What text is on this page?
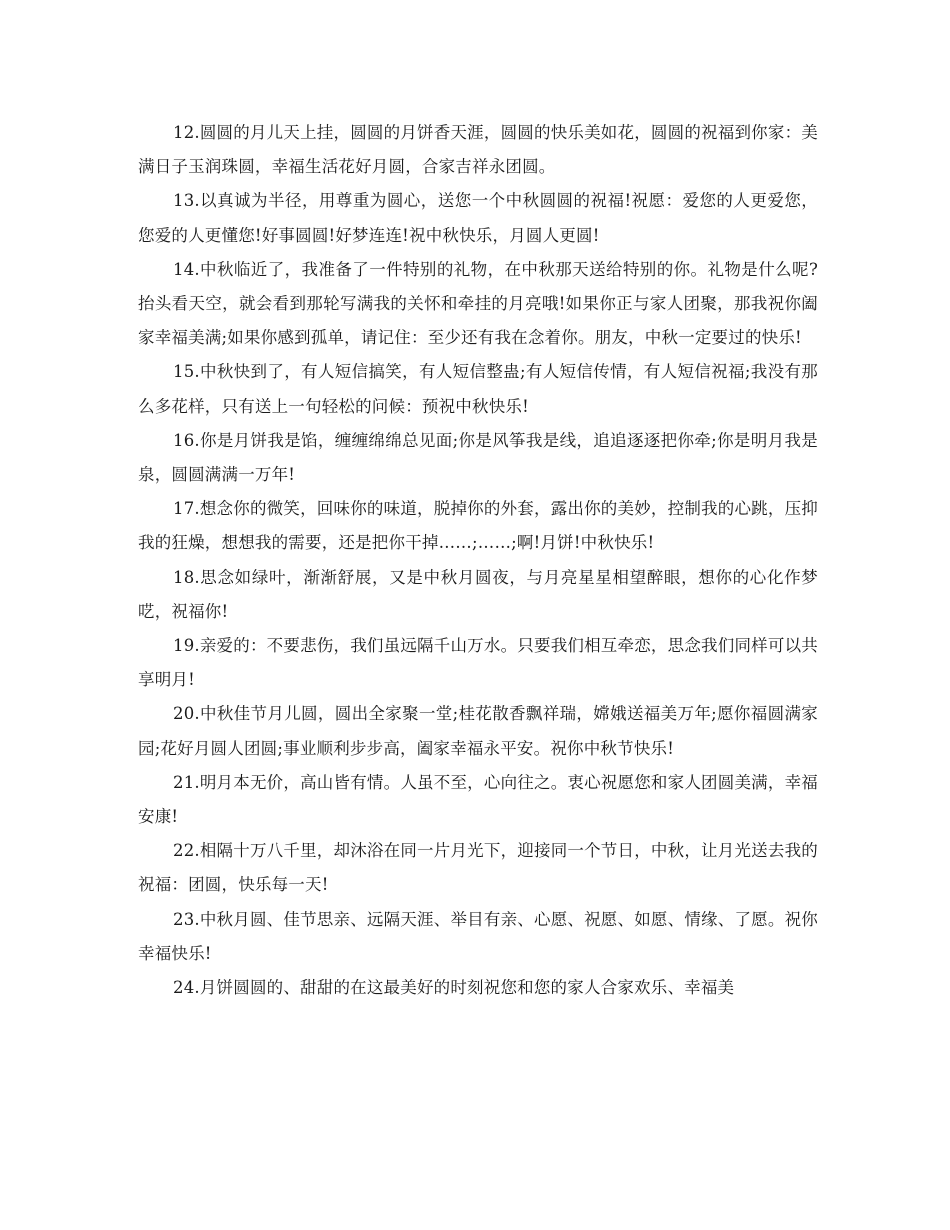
12.圆圆的月儿天上挂，圆圆的月饼香天涯，圆圆的快乐美如花，圆圆的祝福到你家：美满日子玉润珠圆，幸福生活花好月圆，合家吉祥永团圆。

13.以真诚为半径，用尊重为圆心，送您一个中秋圆圆的祝福!祝愿：爱您的人更爱您，您爱的人更懂您!好事圆圆!好梦连连!祝中秋快乐，月圆人更圆!

14.中秋临近了，我准备了一件特别的礼物，在中秋那天送给特别的你。礼物是什么呢?抬头看天空，就会看到那轮写满我的关怀和牵挂的月亮哦!如果你正与家人团聚，那我祝你阖家幸福美满;如果你感到孤单，请记住：至少还有我在念着你。朋友，中秋一定要过的快乐!

15.中秋快到了，有人短信搞笑，有人短信整蛊;有人短信传情，有人短信祝福;我没有那么多花样，只有送上一句轻松的问候：预祝中秋快乐!

16.你是月饼我是馅，缠缠绵绵总见面;你是风筝我是线，追追逐逐把你牵;你是明月我是泉，圆圆满满一万年!

17.想念你的微笑，回味你的味道，脱掉你的外套，露出你的美妙，控制我的心跳，压抑我的狂燥，想想我的需要，还是把你干掉……;……;啊!月饼!中秋快乐!

18.思念如绿叶，渐渐舒展，又是中秋月圆夜，与月亮星星相望醉眼，想你的心化作梦呓，祝福你!

19.亲爱的：不要悲伤，我们虽远隔千山万水。只要我们相互牵恋，思念我们同样可以共享明月!

20.中秋佳节月儿圆，圆出全家聚一堂;桂花散香飘祥瑞，嫦娥送福美万年;愿你福圆满家园;花好月圆人团圆;事业顺利步步高，阖家幸福永平安。祝你中秋节快乐!

21.明月本无价，高山皆有情。人虽不至，心向往之。衷心祝愿您和家人团圆美满，幸福安康!

22.相隔十万八千里，却沐浴在同一片月光下，迎接同一个节日，中秋，让月光送去我的祝福：团圆，快乐每一天!

23.中秋月圆、佳节思亲、远隔天涯、举目有亲、心愿、祝愿、如愿、情缘、了愿。祝你幸福快乐!

24.月饼圆圆的、甜甜的在这最美好的时刻祝您和您的家人合家欢乐、幸福美
